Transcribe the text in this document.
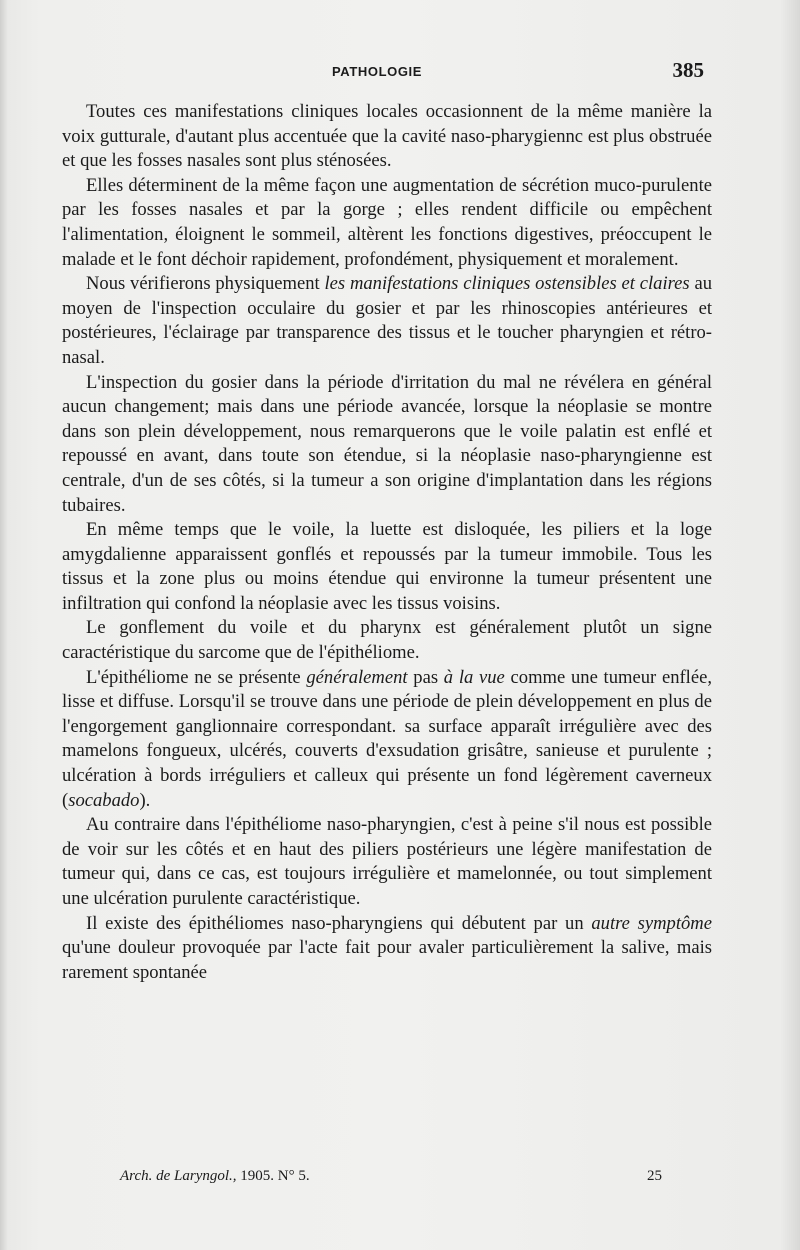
PATHOLOGIE	385

Toutes ces manifestations cliniques locales occasionnent de la même manière la voix gutturale, d'autant plus accentuée que la cavité naso-pharygiennc est plus obstruée et que les fosses nasales sont plus sténosées.

Elles déterminent de la même façon une augmentation de sécrétion muco-purulente par les fosses nasales et par la gorge ; elles rendent difficile ou empêchent l'alimentation, éloignent le sommeil, altèrent les fonctions digestives, préoccupent le malade et le font déchoir rapidement, profondément, physiquement et moralement.

Nous vérifierons physiquement les manifestations cliniques ostensibles et claires au moyen de l'inspection occulaire du gosier et par les rhinoscopies antérieures et postérieures, l'éclairage par transparence des tissus et le toucher pharyngien et rétro-nasal.

L'inspection du gosier dans la période d'irritation du mal ne révélera en général aucun changement; mais dans une période avancée, lorsque la néoplasie se montre dans son plein développement, nous remarquerons que le voile palatin est enflé et repoussé en avant, dans toute son étendue, si la néoplasie naso-pharyngienne est centrale, d'un de ses côtés, si la tumeur a son origine d'implantation dans les régions tubaires.

En même temps que le voile, la luette est disloquée, les piliers et la loge amygdalienne apparaissent gonflés et repoussés par la tumeur immobile. Tous les tissus et la zone plus ou moins étendue qui environne la tumeur présentent une infiltration qui confond la néoplasie avec les tissus voisins.

Le gonflement du voile et du pharynx est généralement plutôt un signe caractéristique du sarcome que de l'épithéliome.

L'épithéliome ne se présente généralement pas à la vue comme une tumeur enflée, lisse et diffuse. Lorsqu'il se trouve dans une période de plein développement en plus de l'engorgement ganglionnaire correspondant. sa surface apparaît irrégulière avec des mamelons fongueux, ulcérés, couverts d'exsudation grisâtre, sanieuse et purulente ; ulcération à bords irréguliers et calleux qui présente un fond légèrement caverneux (socabado).

Au contraire dans l'épithéliome naso-pharyngien, c'est à peine s'il nous est possible de voir sur les côtés et en haut des piliers postérieurs une légère manifestation de tumeur qui, dans ce cas, est toujours irrégulière et mamelonnée, ou tout simplement une ulcération purulente caractéristique.

Il existe des épithéliomes naso-pharyngiens qui débutent par un autre symptôme qu'une douleur provoquée par l'acte fait pour avaler particulièrement la salive, mais rarement spontanée

Arch. de Laryngol., 1905. N° 5.	25
